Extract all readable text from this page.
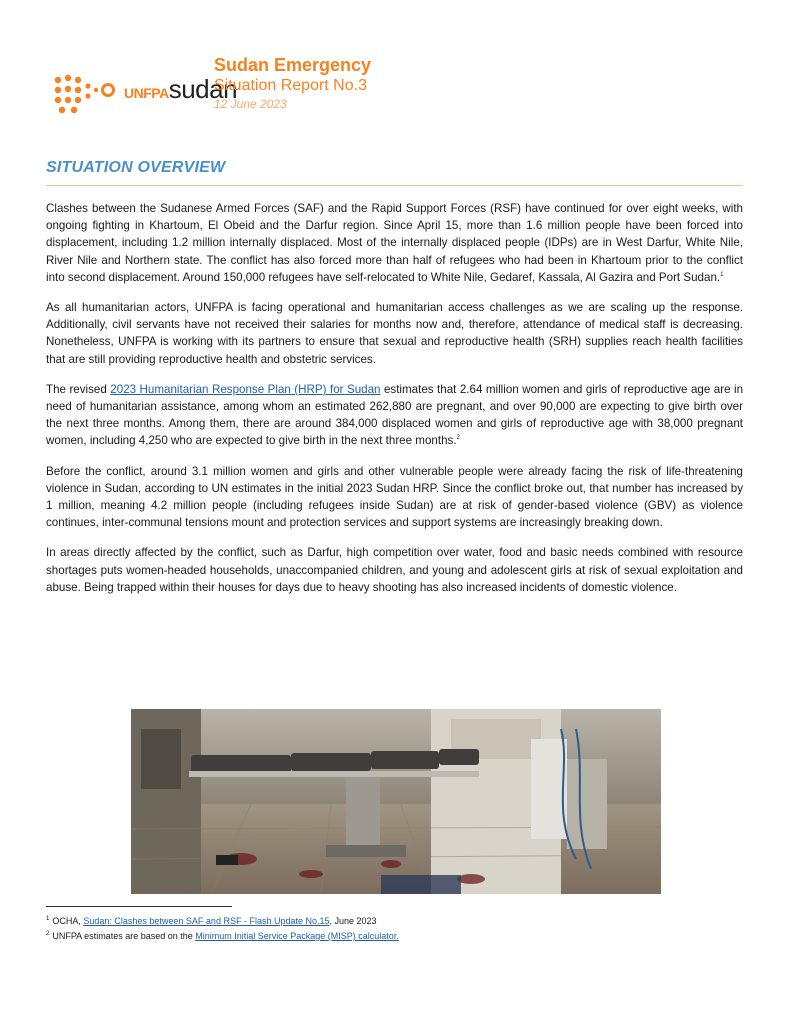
UNFPAsudan
Sudan Emergency
Situation Report No.3
12 June 2023
SITUATION OVERVIEW

Clashes between the Sudanese Armed Forces (SAF) and the Rapid Support Forces (RSF) have continued for over eight weeks, with ongoing fighting in Khartoum, El Obeid and the Darfur region. Since April 15, more than 1.6 million people have been forced into displacement, including 1.2 million internally displaced. Most of the internally displaced people (IDPs) are in West Darfur, White Nile, River Nile and Northern state. The conflict has also forced more than half of refugees who had been in Khartoum prior to the conflict into second displacement. Around 150,000 refugees have self-relocated to White Nile, Gedaref, Kassala, Al Gazira and Port Sudan.$^1$

As all humanitarian actors, UNFPA is facing operational and humanitarian access challenges as we are scaling up the response. Additionally, civil servants have not received their salaries for months now and, therefore, attendance of medical staff is decreasing. Nonetheless, UNFPA is working with its partners to ensure that sexual and reproductive health (SRH) supplies reach health facilities that are still providing reproductive health and obstetric services.

The revised 2023 Humanitarian Response Plan (HRP) for Sudan estimates that 2.64 million women and girls of reproductive age are in need of humanitarian assistance, among whom an estimated 262,880 are pregnant, and over 90,000 are expecting to give birth over the next three months. Among them, there are around 384,000 displaced women and girls of reproductive age with 38,000 pregnant women, including 4,250 who are expected to give birth in the next three months.$^2$

Before the conflict, around 3.1 million women and girls and other vulnerable people were already facing the risk of life-threatening violence in Sudan, according to UN estimates in the initial 2023 Sudan HRP. Since the conflict broke out, that number has increased by 1 million, meaning 4.2 million people (including refugees inside Sudan) are at risk of gender-based violence (GBV) as violence continues, inter-communal tensions mount and protection services and support systems are increasingly breaking down.

In areas directly affected by the conflict, such as Darfur, high competition over water, food and basic needs combined with resource shortages puts women-headed households, unaccompanied children, and young and adolescent girls at risk of sexual exploitation and abuse. Being trapped within their houses for days due to heavy shooting has also increased incidents of domestic violence.

$^1$ OCHA, Sudan: Clashes between SAF and RSF - Flash Update No.15, June 2023
$^2$ UNFPA estimates are based on the Minimum Initial Service Package (MISP) calculator.
